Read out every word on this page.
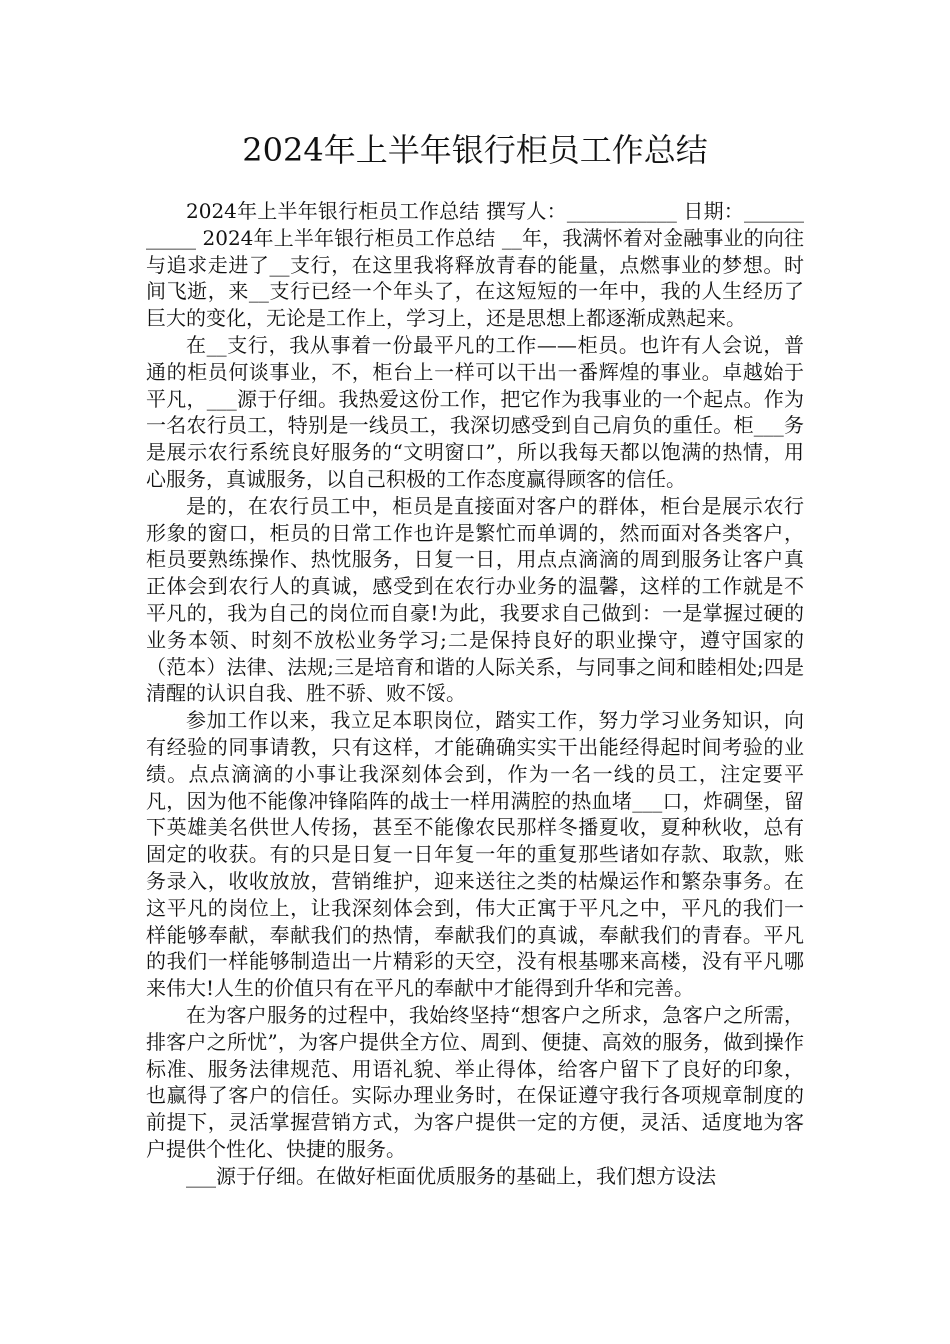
2024年上半年银行柜员工作总结

2024年上半年银行柜员工作总结 撰写人：___________ 日期：___________ 2024年上半年银行柜员工作总结 __年，我满怀着对金融事业的向往与追求走进了__支行，在这里我将释放青春的能量，点燃事业的梦想。时间飞逝，来__支行已经一个年头了，在这短短的一年中，我的人生经历了巨大的变化，无论是工作上，学习上，还是思想上都逐渐成熟起来。

在__支行，我从事着一份最平凡的工作——柜员。也许有人会说，普通的柜员何谈事业，不，柜台上一样可以干出一番辉煌的事业。卓越始于平凡，___源于仔细。我热爱这份工作，把它作为我事业的一个起点。作为一名农行员工，特别是一线员工，我深切感受到自己肩负的重任。柜___务是展示农行系统良好服务的“文明窗口”，所以我每天都以饱满的热情，用心服务，真诚服务，以自己积极的工作态度赢得顾客的信任。

是的，在农行员工中，柜员是直接面对客户的群体，柜台是展示农行形象的窗口，柜员的日常工作也许是繁忙而单调的，然而面对各类客户，柜员要熟练操作、热忱服务，日复一日，用点点滴滴的周到服务让客户真正体会到农行人的真诚，感受到在农行办业务的温馨，这样的工作就是不平凡的，我为自己的岗位而自豪!为此，我要求自己做到：一是掌握过硬的业务本领、时刻不放松业务学习;二是保持良好的职业操守，遵守国家的（范本）法律、法规;三是培育和谐的人际关系，与同事之间和睦相处;四是清醒的认识自我、胜不骄、败不馁。

参加工作以来，我立足本职岗位，踏实工作，努力学习业务知识，向有经验的同事请教，只有这样，才能确确实实干出能经得起时间考验的业绩。点点滴滴的小事让我深刻体会到，作为一名一线的员工，注定要平凡，因为他不能像冲锋陷阵的战士一样用满腔的热血堵___口，炸碉堡，留下英雄美名供世人传扬，甚至不能像农民那样冬播夏收，夏种秋收，总有固定的收获。有的只是日复一日年复一年的重复那些诸如存款、取款，账务录入，收收放放，营销维护，迎来送往之类的枯燥运作和繁杂事务。在这平凡的岗位上，让我深刻体会到，伟大正寓于平凡之中，平凡的我们一样能够奉献，奉献我们的热情，奉献我们的真诚，奉献我们的青春。平凡的我们一样能够制造出一片精彩的天空，没有根基哪来高楼，没有平凡哪来伟大!人生的价值只有在平凡的奉献中才能得到升华和完善。

在为客户服务的过程中，我始终坚持“想客户之所求，急客户之所需，排客户之所忧”，为客户提供全方位、周到、便捷、高效的服务，做到操作标准、服务法律规范、用语礼貌、举止得体，给客户留下了良好的印象，也赢得了客户的信任。实际办理业务时，在保证遵守我行各项规章制度的前提下，灵活掌握营销方式，为客户提供一定的方便，灵活、适度地为客户提供个性化、快捷的服务。

___源于仔细。在做好柜面优质服务的基础上，我们想方设法
